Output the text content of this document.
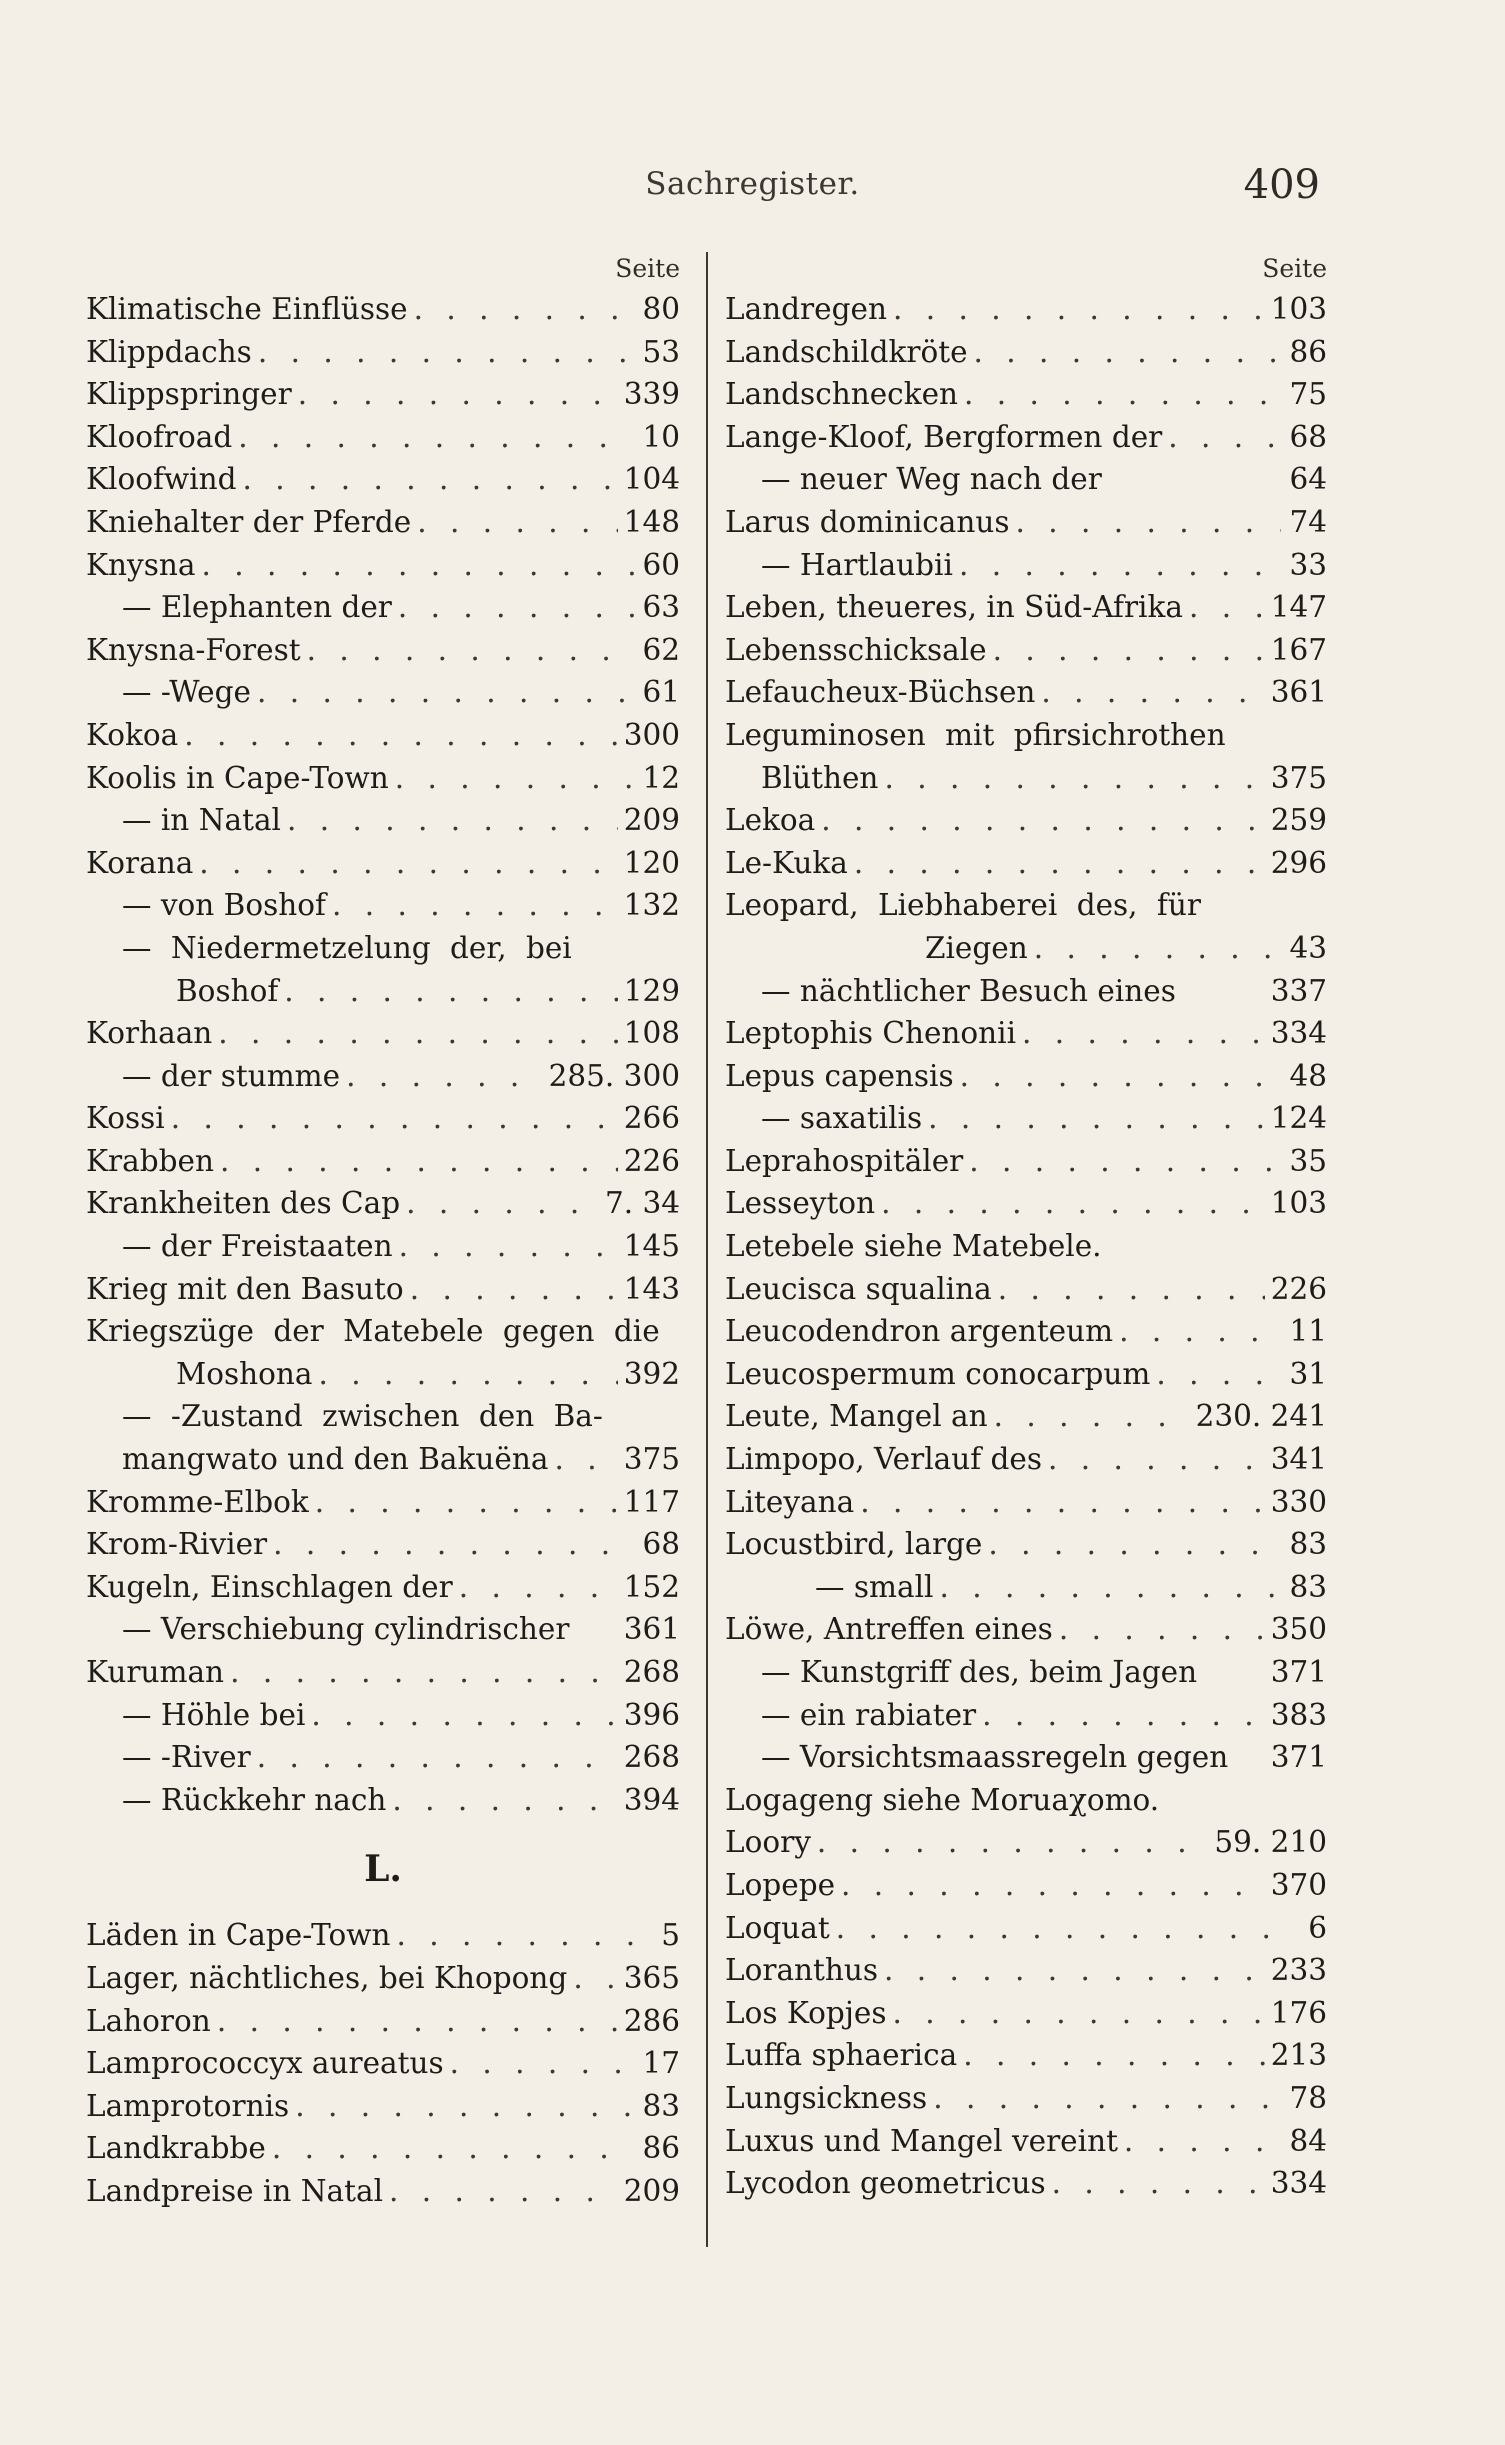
Sachregister.	409
Seite
Klimatische Einflüsse . . .	80
Klippdachs . . .	53
Klippspringer . . .	339
Kloofroad . . .	10
Kloofwind . . .	104
Kniehalter der Pferde . . .	148
Knysna . . .	60
— Elephanten der . . .	63
Knysna-Forest . . .	62
— -Wege . . .	61
Kokoa . . .	300
Koolis in Cape-Town . . .	12
— in Natal . . .	209
Korana . . .	120
— von Boshof . . .	132
— Niedermetzelung der, bei
Boshof . . .	129
Korhaan . . .	108
— der stumme . . .	285. 300
Kossi . . .	266
Krabben . . .	226
Krankheiten des Cap . . .	7. 34
— der Freistaaten . . .	145
Krieg mit den Basuto . . .	143
Kriegszüge der Matebele gegen die
Moshona . . .	392
— -Zustand zwischen den Ba-
mangwato und den Bakuëna . . .	375
Kromme-Elbok . . .	117
Krom-Rivier . . .	68
Kugeln, Einschlagen der . . .	152
— Verschiebung cylindrischer 361
Kuruman . . .	268
— Höhle bei . . .	396
— -River . . .	268
— Rückkehr nach . . .	394
L.
Läden in Cape-Town . . .	5
Lager, nächtliches, bei Khopong . . . 365
Lahoron . . .	286
Lamprococcyx aureatus . . .	17
Lamprotornis . . .	83
Landkrabbe . . .	86
Landpreise in Natal . . .	209
Seite
Landregen . . .	103
Landschildkröte . . .	86
Landschnecken . . .	75
Lange-Kloof, Bergformen der . . .	68
— neuer Weg nach der	64
Larus dominicanus . . .	74
— Hartlaubii . . .	33
Leben, theueres, in Süd-Afrika . . .	147
Lebensschicksale . . .	167
Lefaucheux-Büchsen . . .	361
Leguminosen mit pfirsichrothen
Blüthen . . .	375
Lekoa . . .	259
Le-Kuka . . .	296
Leopard, Liebhaberei des, für
Ziegen . . .	43
— nächtlicher Besuch eines	337
Leptophis Chenonii . . .	334
Lepus capensis . . .	48
— saxatilis . . .	124
Leprahospitäler . . .	35
Lesseyton . . .	103
Letebele siehe Matebele.
Leucisca squalina . . .	226
Leucodendron argenteum . . .	11
Leucospermum conocarpum . . .	31
Leute, Mangel an . . .	230. 241
Limpopo, Verlauf des . . .	341
Liteyana . . .	330
Locustbird, large . . .	83
— small . . .	83
Löwe, Antreffen eines . . .	350
— Kunstgriff des, beim Jagen 371
— ein rabiater . . .	383
— Vorsichtsmaassregeln gegen 371
Logageng siehe Moruaχomo.
Loory . . .	59. 210
Lopepe . . .	370
Loquat . . .	6
Loranthus . . .	233
Los Kopjes . . .	176
Luffa sphaerica . . .	213
Lungsickness . . .	78
Luxus und Mangel vereint . . .	84
Lycodon geometricus . . .	334
